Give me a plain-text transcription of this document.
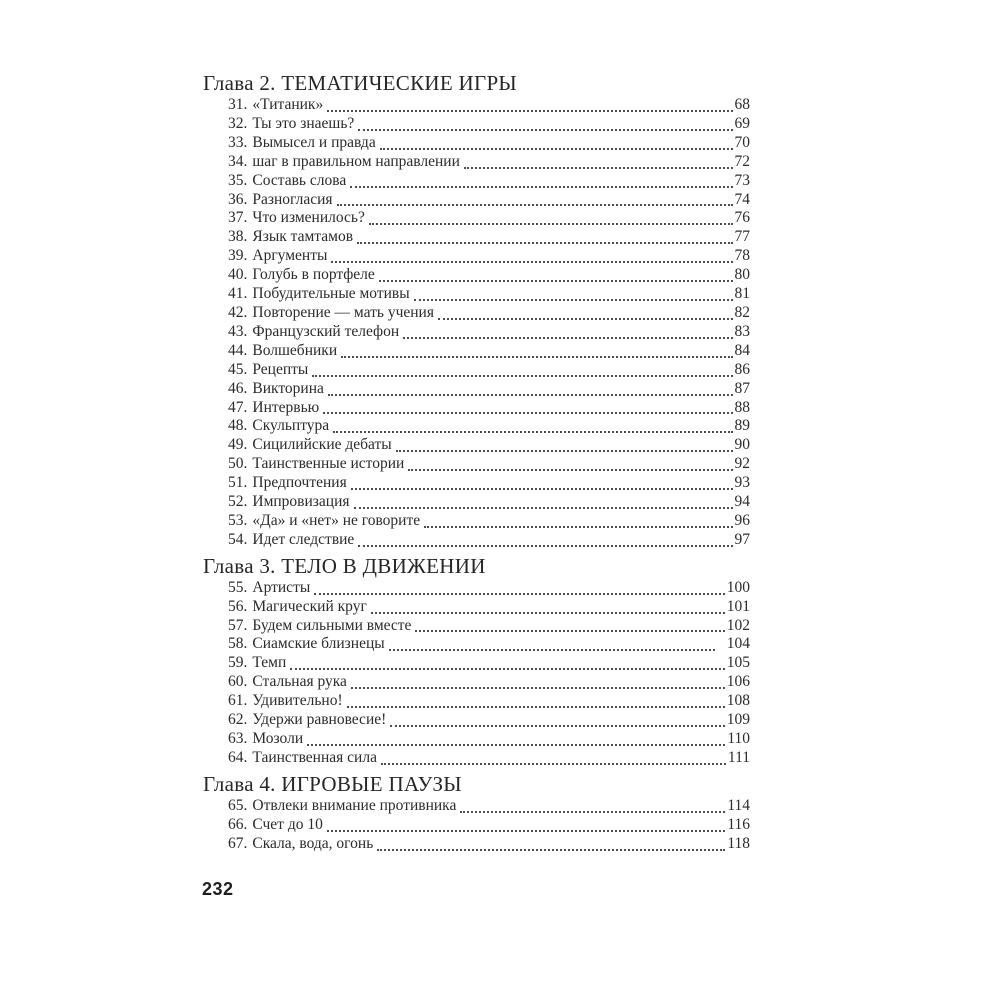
Глава 2. ТЕМАТИЧЕСКИЕ ИГРЫ
31. «Титаник»	68
32. Ты это знаешь?	69
33. Вымысел и правда	70
34. шаг в правильном направлении	72
35. Составь слова	73
36. Разногласия	74
37. Что изменилось?	76
38. Язык тамтамов	77
39. Аргументы	78
40. Голубь в портфеле	80
41. Побудительные мотивы	81
42. Повторение — мать учения	82
43. Французский телефон	83
44. Волшебники	84
45. Рецепты	86
46. Викторина	87
47. Интервью	88
48. Скульптура	89
49. Сицилийские дебаты	90
50. Таинственные истории	92
51. Предпочтения	93
52. Импровизация	94
53. «Да» и «нет» не говорите	96
54. Идет следствие	97
Глава 3. ТЕЛО В ДВИЖЕНИИ
55. Артисты	100
56. Магический круг	101
57. Будем сильными вместе	102
58. Сиамские близнецы	104
59. Темп	105
60. Стальная рука	106
61. Удивительно!	108
62. Удержи равновесие!	109
63. Мозоли	110
64. Таинственная сила	111
Глава 4. ИГРОВЫЕ ПАУЗЫ
65. Отвлеки внимание противника	114
66. Счет до 10	116
67. Скала, вода, огонь	118
232
